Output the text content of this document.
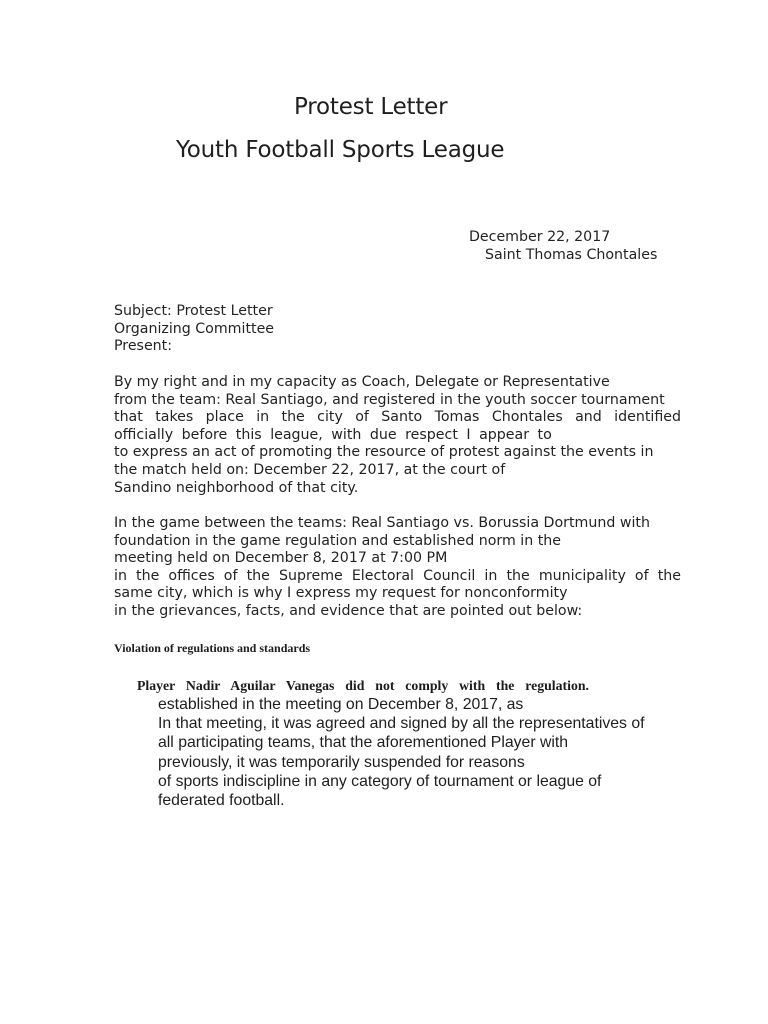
Protest Letter
Youth Football Sports League
December 22, 2017
Saint Thomas Chontales
Subject: Protest Letter
Organizing Committee
Present:
By my right and in my capacity as Coach, Delegate or Representative
from the team: Real Santiago, and registered in the youth soccer tournament
that takes place in the city of Santo Tomas Chontales and identified
officially before this league, with due respect I appear to
to express an act of promoting the resource of protest against the events in
the match held on: December 22, 2017, at the court of
Sandino neighborhood of that city.
In the game between the teams: Real Santiago vs. Borussia Dortmund with
foundation in the game regulation and established norm in the
meeting held on December 8, 2017 at 7:00 PM
in the offices of the Supreme Electoral Council in the municipality of the
same city, which is why I express my request for nonconformity
in the grievances, facts, and evidence that are pointed out below:
Violation of regulations and standards
Player Nadir Aguilar Vanegas did not comply with the regulation.
established in the meeting on December 8, 2017, as
In that meeting, it was agreed and signed by all the representatives of
all participating teams, that the aforementioned Player with
previously, it was temporarily suspended for reasons
of sports indiscipline in any category of tournament or league of
federated football.
